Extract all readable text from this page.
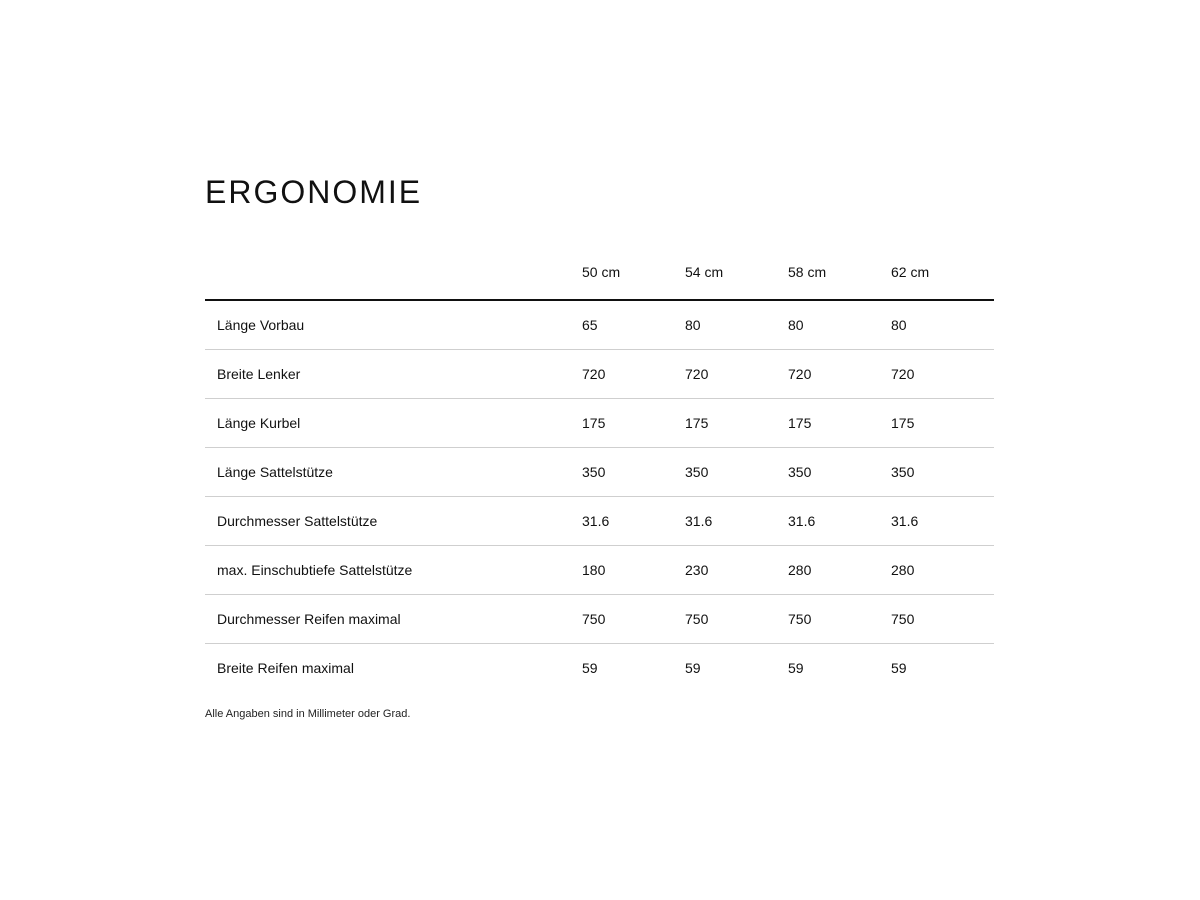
ERGONOMIE
	50 cm	54 cm	58 cm	62 cm
Länge Vorbau	65	80	80	80
Breite Lenker	720	720	720	720
Länge Kurbel	175	175	175	175
Länge Sattelstütze	350	350	350	350
Durchmesser Sattelstütze	31.6	31.6	31.6	31.6
max. Einschubtiefe Sattelstütze	180	230	280	280
Durchmesser Reifen maximal	750	750	750	750
Breite Reifen maximal	59	59	59	59
Alle Angaben sind in Millimeter oder Grad.
